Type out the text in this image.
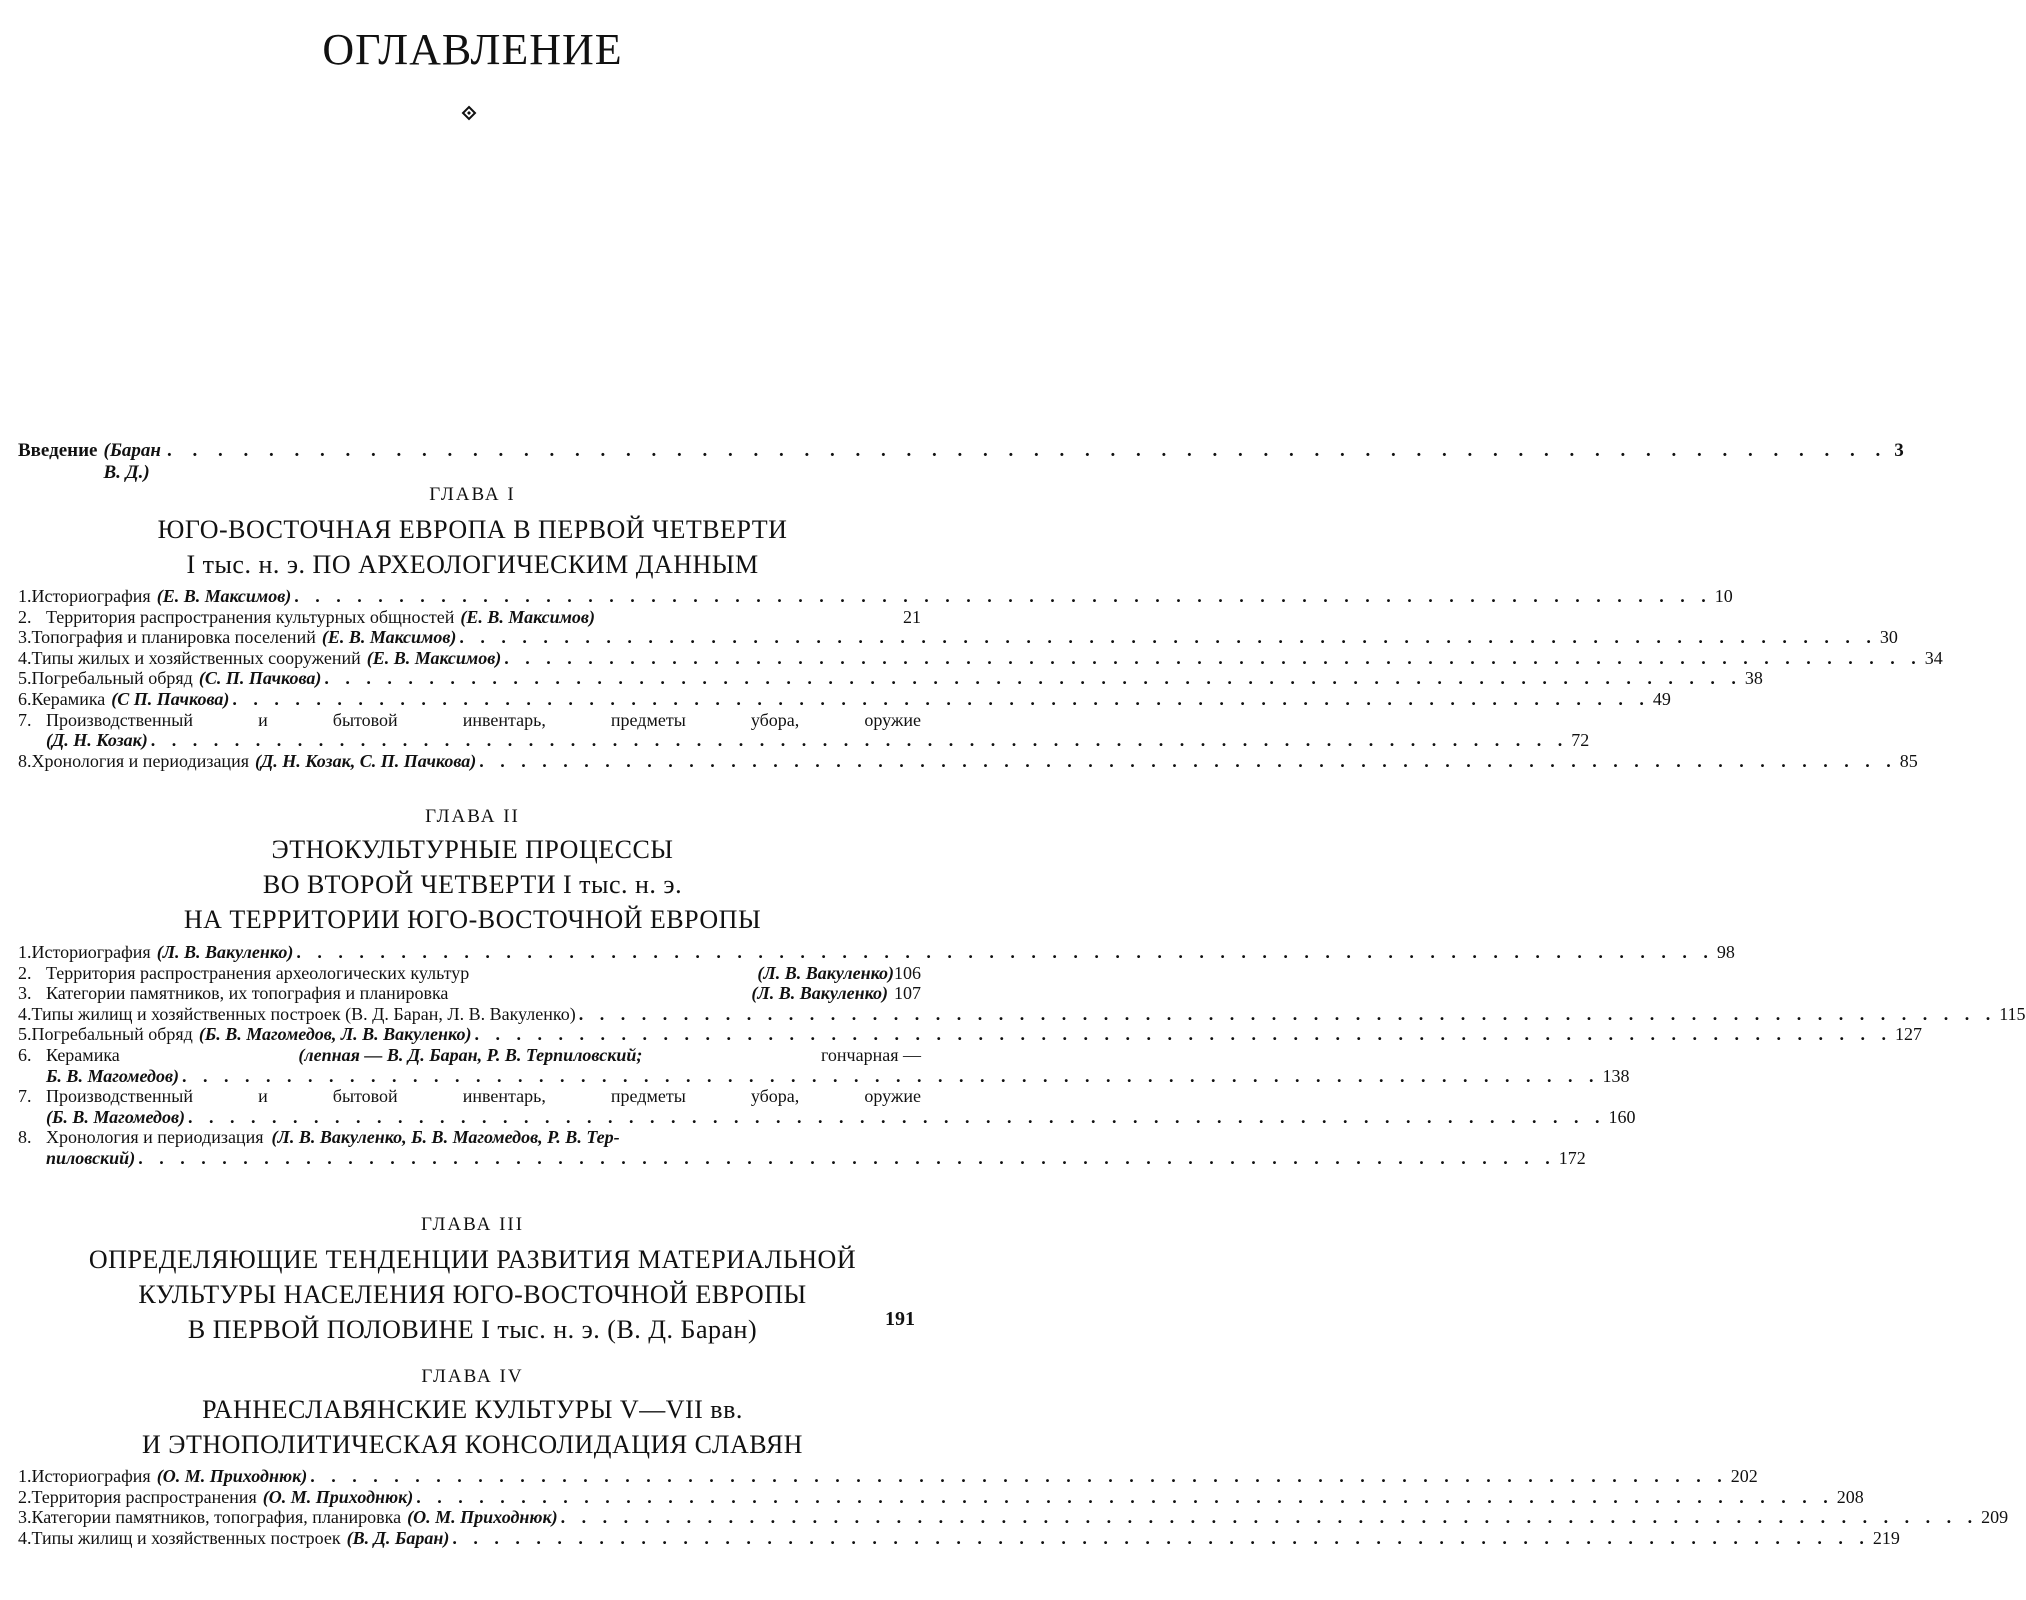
ОГЛАВЛЕНИЕ
Введение (Баран В. Д.)
. . . . . . . . . . . . . . . . . . . . . . . . . . . . . . . . . . . . . . . . . . . . . . . . . . . . . . . . . . . . . . . . . . . . 3
ГЛАВА I
ЮГО-ВОСТОЧНАЯ ЕВРОПА В ПЕРВОЙ ЧЕТВЕРТИ
I тыс. н. э. ПО АРХЕОЛОГИЧЕСКИМ ДАННЫМ
1. Историография (Е. В. Максимов) . . . . . . . . . . . . . . . . . . . . . . . . . . . . . . . . . . . . . . . . . . . . . . . . . . . . . . . . . . . . . . . . . . . . 10
2. Территория распространения культурных общностей (Е. В. Максимов)	21
3. Топография и планировка поселений (Е. В. Максимов) . . . . . . . . . . . . . . . . . . . . . . . . . . . . . . . . . . . . . . . . . . . . . . . . . . . . . . . . . . . . . . . . . . . . 30
4. Типы жилых и хозяйственных сооружений (Е. В. Максимов) . . . . . . . . . . . . . . . . . . . . . . . . . . . . . . . . . . . . . . . . . . . . . . . . . . . . . . . . . . . . . . . . . . . . 34
5. Погребальный обряд (С. П. Пачкова) . . . . . . . . . . . . . . . . . . . . . . . . . . . . . . . . . . . . . . . . . . . . . . . . . . . . . . . . . . . . . . . . . . . . 38
6. Керамика (С П. Пачкова) . . . . . . . . . . . . . . . . . . . . . . . . . . . . . . . . . . . . . . . . . . . . . . . . . . . . . . . . . . . . . . . . . . . . 49
7. Производственный	и	бытовой	инвентарь,	предметы	убора,	оружие
(Д. Н. Козак) . . . . . . . . . . . . . . . . . . . . . . . . . . . . . . . . . . . . . . . . . . . . . . . . . . . . . . . . . . . . . . . . . . . . 72
8. Хронология и периодизация (Д. Н. Козак, С. П. Пачкова) . . . . . . . . . . . . . . . . . . . . . . . . . . . . . . . . . . . . . . . . . . . . . . . . . . . . . . . . . . . . . . . . . . . . 85
ГЛАВА II
ЭТНОКУЛЬТУРНЫЕ ПРОЦЕССЫ
ВО ВТОРОЙ ЧЕТВЕРТИ I тыс. н. э.
НА ТЕРРИТОРИИ ЮГО-ВОСТОЧНОЙ ЕВРОПЫ
1. Историография (Л. В. Вакуленко) . . . . . . . . . . . . . . . . . . . . . . . . . . . . . . . . . . . . . . . . . . . . . . . . . . . . . . . . . . . . . . . . . . . . 98
2. Территория распространения археологических культур	(Л. В. Вакуленко) 106
3. Категории памятников, их топография и планировка	(Л. В. Вакуленко) 107
4. Типы жилищ и хозяйственных построек (В. Д. Баран, Л. В. Вакуленко) . . . . . . . . . . . . . . . . . . . . . . . . . . . . . . . . . . . . . . . . . . . . . . . . . . . . . . . . . . . . . . . . . . . . 115
5. Погребальный обряд (Б. В. Магомедов, Л. В. Вакуленко) . . . . . . . . . . . . . . . . . . . . . . . . . . . . . . . . . . . . . . . . . . . . . . . . . . . . . . . . . . . . . . . . . . . . 127
6. Керамика	(лепная — В. Д. Баран, Р. В. Терпиловский;	гончарная —
Б. В. Магомедов) . . . . . . . . . . . . . . . . . . . . . . . . . . . . . . . . . . . . . . . . . . . . . . . . . . . . . . . . . . . . . . . . . . . . 138
7. Производственный	и	бытовой	инвентарь,	предметы	убора,	оружие
(Б. В. Магомедов) . . . . . . . . . . . . . . . . . . . . . . . . . . . . . . . . . . . . . . . . . . . . . . . . . . . . . . . . . . . . . . . . . . . . 160
8. Хронология и периодизация (Л. В. Вакуленко, Б. В. Магомедов, Р. В. Тер-
пиловский) . . . . . . . . . . . . . . . . . . . . . . . . . . . . . . . . . . . . . . . . . . . . . . . . . . . . . . . . . . . . . . . . . . . . 172
ГЛАВА III
ОПРЕДЕЛЯЮЩИЕ ТЕНДЕНЦИИ РАЗВИТИЯ МАТЕРИАЛЬНОЙ
КУЛЬТУРЫ НАСЕЛЕНИЯ ЮГО-ВОСТОЧНОЙ ЕВРОПЫ
В ПЕРВОЙ ПОЛОВИНЕ I тыс. н. э. (В. Д. Баран)	191
ГЛАВА IV
РАННЕСЛАВЯНСКИЕ КУЛЬТУРЫ V—VII вв.
И ЭТНОПОЛИТИЧЕСКАЯ КОНСОЛИДАЦИЯ СЛАВЯН
1. Историография (О. М. Приходнюк) . . . . . . . . . . . . . . . . . . . . . . . . . . . . . . . . . . . . . . . . . . . . . . . . . . . . . . . . . . . . . . . . . . . . 202
2. Территория распространения (О. М. Приходнюк) . . . . . . . . . . . . . . . . . . . . . . . . . . . . . . . . . . . . . . . . . . . . . . . . . . . . . . . . . . . . . . . . . . . . 208
3. Категории памятников, топография, планировка (О. М. Приходнюк) . . . . . . . . . . . . . . . . . . . . . . . . . . . . . . . . . . . . . . . . . . . . . . . . . . . . . . . . . . . . . . . . . . . . 209
4. Типы жилищ и хозяйственных построек (В. Д. Баран) . . . . . . . . . . . . . . . . . . . . . . . . . . . . . . . . . . . . . . . . . . . . . . . . . . . . . . . . . . . . . . . . . . . . 219
